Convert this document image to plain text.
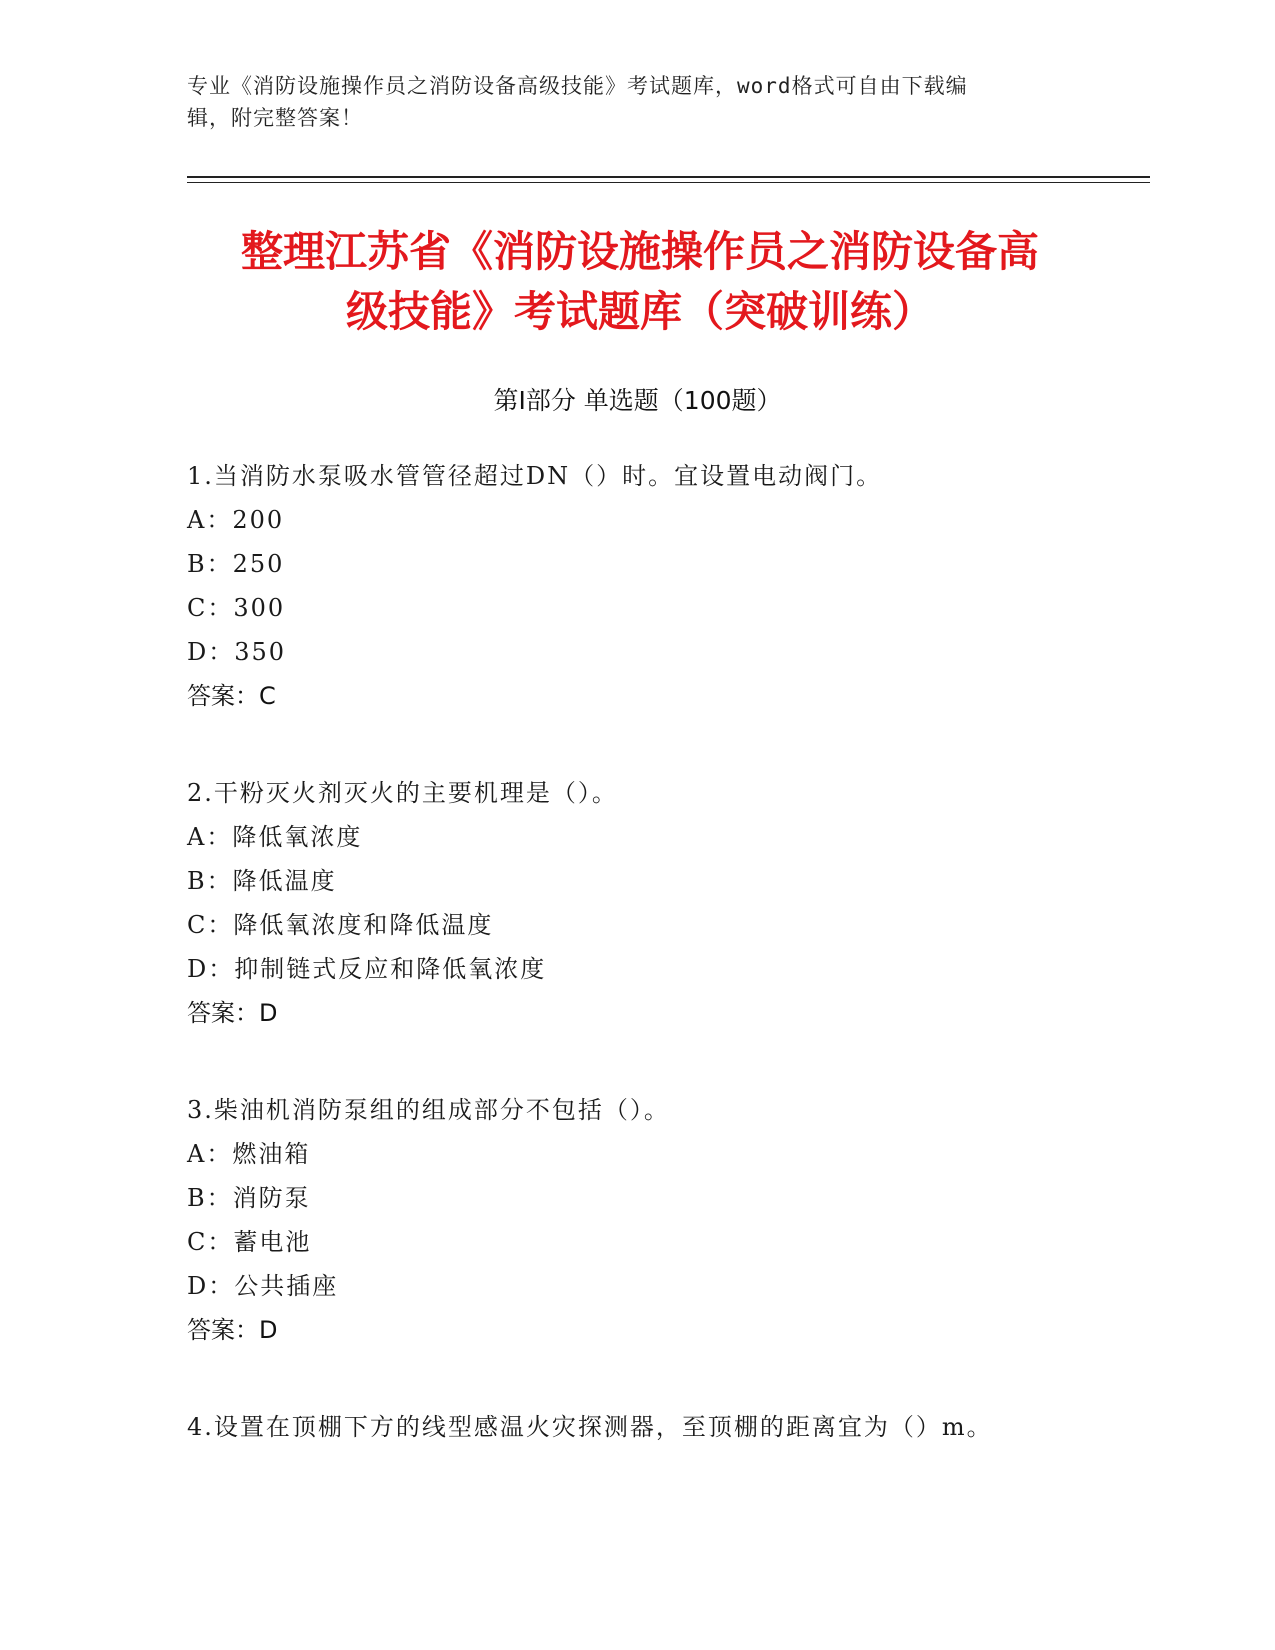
专业《消防设施操作员之消防设备高级技能》考试题库，word格式可自由下载编
辑，附完整答案！
整理江苏省《消防设施操作员之消防设备高
级技能》考试题库（突破训练）
第Ⅰ部分 单选题（100题）
1.当消防水泵吸水管管径超过DN（）时。宜设置电动阀门。
A：200
B：250
C：300
D：350
答案：C
2.干粉灭火剂灭火的主要机理是（）。
A：降低氧浓度
B：降低温度
C：降低氧浓度和降低温度
D：抑制链式反应和降低氧浓度
答案：D
3.柴油机消防泵组的组成部分不包括（）。
A：燃油箱
B：消防泵
C：蓄电池
D：公共插座
答案：D
4.设置在顶棚下方的线型感温火灾探测器，至顶棚的距离宜为（）m。
